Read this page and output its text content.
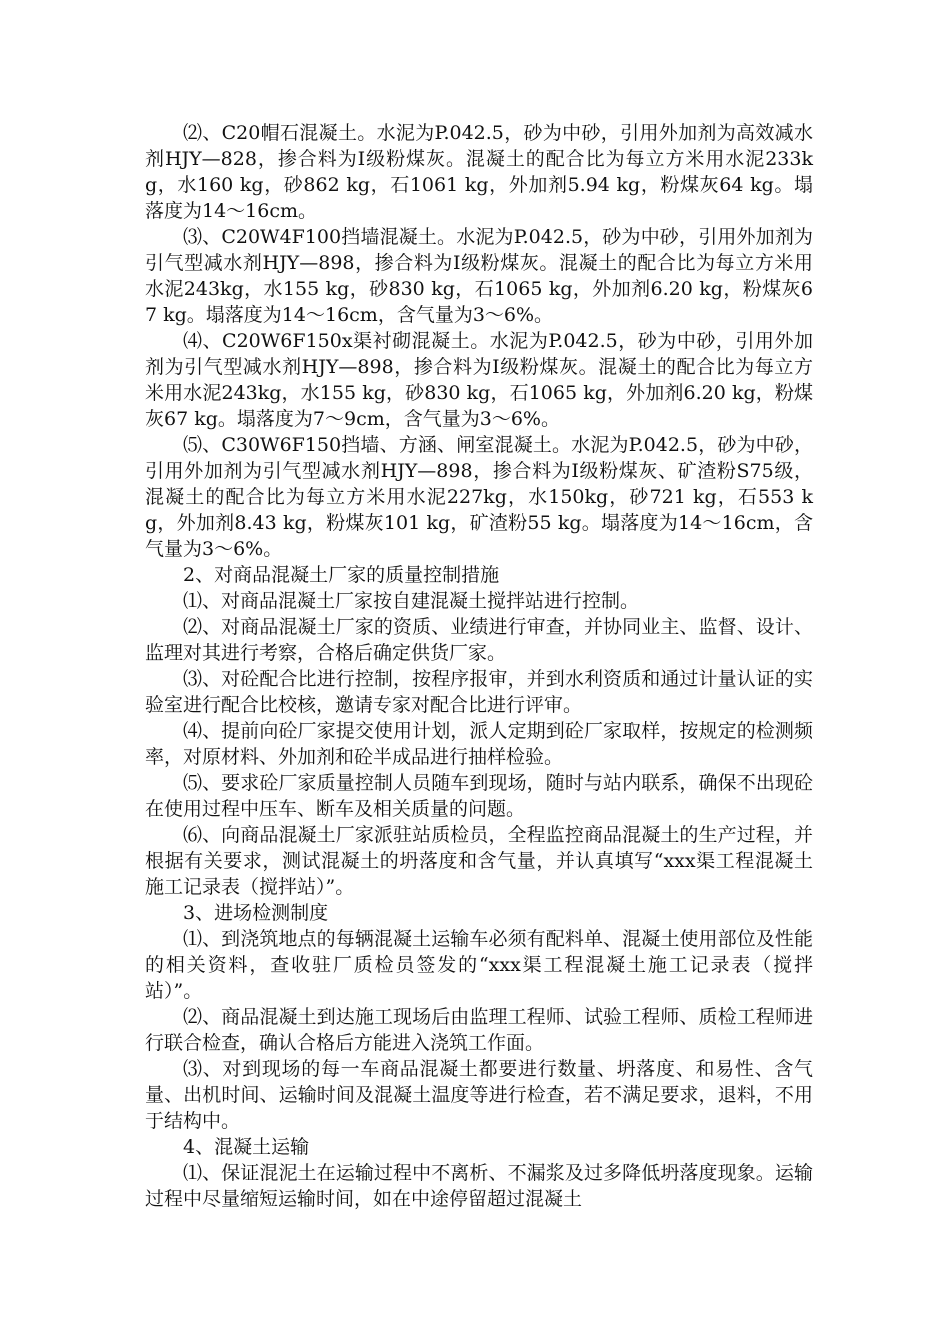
⑵、C20帽石混凝土。水泥为P.042.5，砂为中砂，引用外加剂为高效减水剂HJY—828，掺合料为Ⅰ级粉煤灰。混凝土的配合比为每立方米用水泥233kg，水160 kg，砂862 kg，石1061 kg，外加剂5.94 kg，粉煤灰64 kg。塌落度为14～16cm。

⑶、C20W4F100挡墙混凝土。水泥为P.042.5，砂为中砂，引用外加剂为引气型减水剂HJY—898，掺合料为Ⅰ级粉煤灰。混凝土的配合比为每立方米用水泥243kg，水155 kg，砂830 kg，石1065 kg，外加剂6.20 kg，粉煤灰67 kg。塌落度为14～16cm，含气量为3～6%。

⑷、C20W6F150x渠衬砌混凝土。水泥为P.042.5，砂为中砂，引用外加剂为引气型减水剂HJY—898，掺合料为Ⅰ级粉煤灰。混凝土的配合比为每立方米用水泥243kg，水155 kg，砂830 kg，石1065 kg，外加剂6.20 kg，粉煤灰67 kg。塌落度为7～9cm，含气量为3～6%。

⑸、C30W6F150挡墙、方涵、闸室混凝土。水泥为P.042.5，砂为中砂，引用外加剂为引气型减水剂HJY—898，掺合料为Ⅰ级粉煤灰、矿渣粉S75级，混凝土的配合比为每立方米用水泥227kg，水150kg，砂721 kg，石553 kg，外加剂8.43 kg，粉煤灰101 kg，矿渣粉55 kg。塌落度为14～16cm，含气量为3～6%。

2、对商品混凝土厂家的质量控制措施

⑴、对商品混凝土厂家按自建混凝土搅拌站进行控制。

⑵、对商品混凝土厂家的资质、业绩进行审查，并协同业主、监督、设计、监理对其进行考察，合格后确定供货厂家。

⑶、对砼配合比进行控制，按程序报审，并到水利资质和通过计量认证的实验室进行配合比校核，邀请专家对配合比进行评审。

⑷、提前向砼厂家提交使用计划，派人定期到砼厂家取样，按规定的检测频率，对原材料、外加剂和砼半成品进行抽样检验。

⑸、要求砼厂家质量控制人员随车到现场，随时与站内联系，确保不出现砼在使用过程中压车、断车及相关质量的问题。

⑹、向商品混凝土厂家派驻站质检员，全程监控商品混凝土的生产过程，并根据有关要求，测试混凝土的坍落度和含气量，并认真填写“xxx渠工程混凝土施工记录表（搅拌站）”。

3、进场检测制度

⑴、到浇筑地点的每辆混凝土运输车必须有配料单、混凝土使用部位及性能的相关资料，查收驻厂质检员签发的“xxx渠工程混凝土施工记录表（搅拌站）”。

⑵、商品混凝土到达施工现场后由监理工程师、试验工程师、质检工程师进行联合检查，确认合格后方能进入浇筑工作面。

⑶、对到现场的每一车商品混凝土都要进行数量、坍落度、和易性、含气量、出机时间、运输时间及混凝土温度等进行检查，若不满足要求，退料，不用于结构中。

4、混凝土运输

⑴、保证混泥土在运输过程中不离析、不漏浆及过多降低坍落度现象。运输过程中尽量缩短运输时间，如在中途停留超过混凝土
